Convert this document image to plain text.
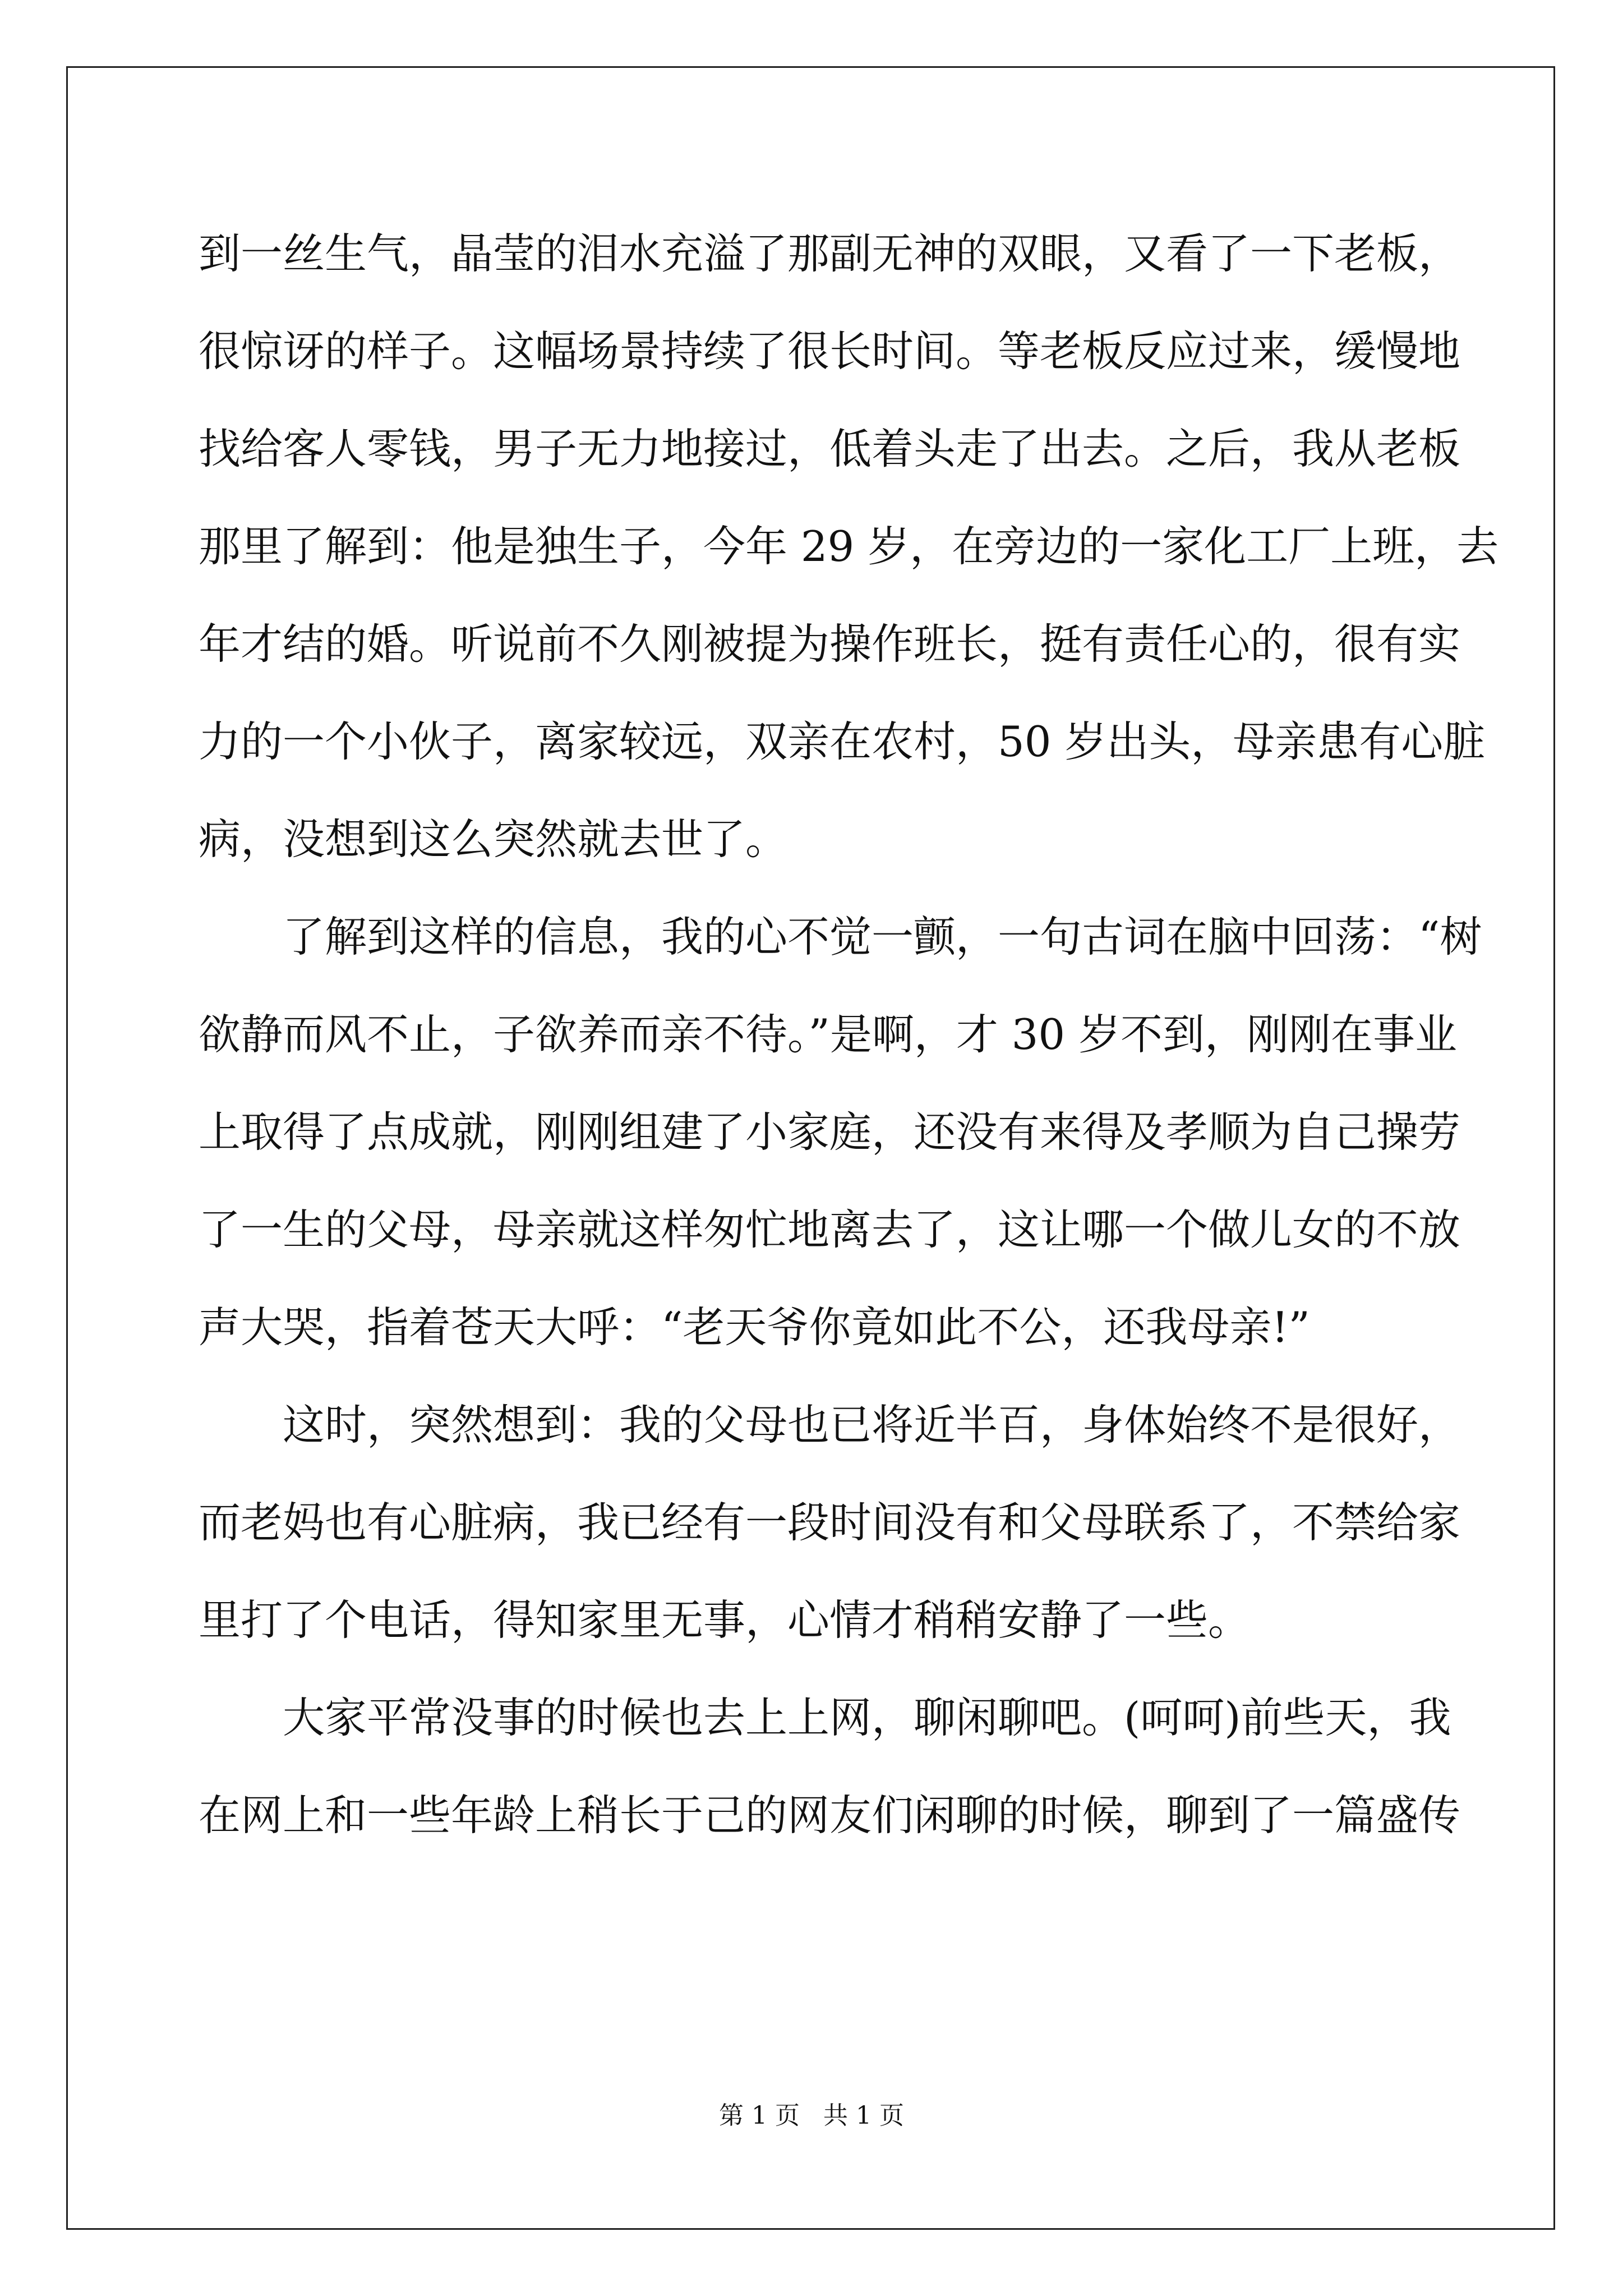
到一丝生气，晶莹的泪水充溢了那副无神的双眼，又看了一下老板，
很惊讶的样子。这幅场景持续了很长时间。等老板反应过来，缓慢地
找给客人零钱，男子无力地接过，低着头走了出去。之后，我从老板
那里了解到：他是独生子，今年 29 岁，在旁边的一家化工厂上班，去
年才结的婚。听说前不久刚被提为操作班长，挺有责任心的，很有实
力的一个小伙子，离家较远，双亲在农村，50 岁出头，母亲患有心脏
病，没想到这么突然就去世了。

了解到这样的信息，我的心不觉一颤，一句古词在脑中回荡：“树
欲静而风不止，子欲养而亲不待。”是啊，才 30 岁不到，刚刚在事业
上取得了点成就，刚刚组建了小家庭，还没有来得及孝顺为自己操劳
了一生的父母，母亲就这样匆忙地离去了，这让哪一个做儿女的不放
声大哭，指着苍天大呼：“老天爷你竟如此不公，还我母亲!”

这时，突然想到：我的父母也已将近半百，身体始终不是很好，
而老妈也有心脏病，我已经有一段时间没有和父母联系了，不禁给家
里打了个电话，得知家里无事，心情才稍稍安静了一些。

大家平常没事的时候也去上上网，聊闲聊吧。(呵呵)前些天，我
在网上和一些年龄上稍长于己的网友们闲聊的时候，聊到了一篇盛传

第 1 页 共 1 页
